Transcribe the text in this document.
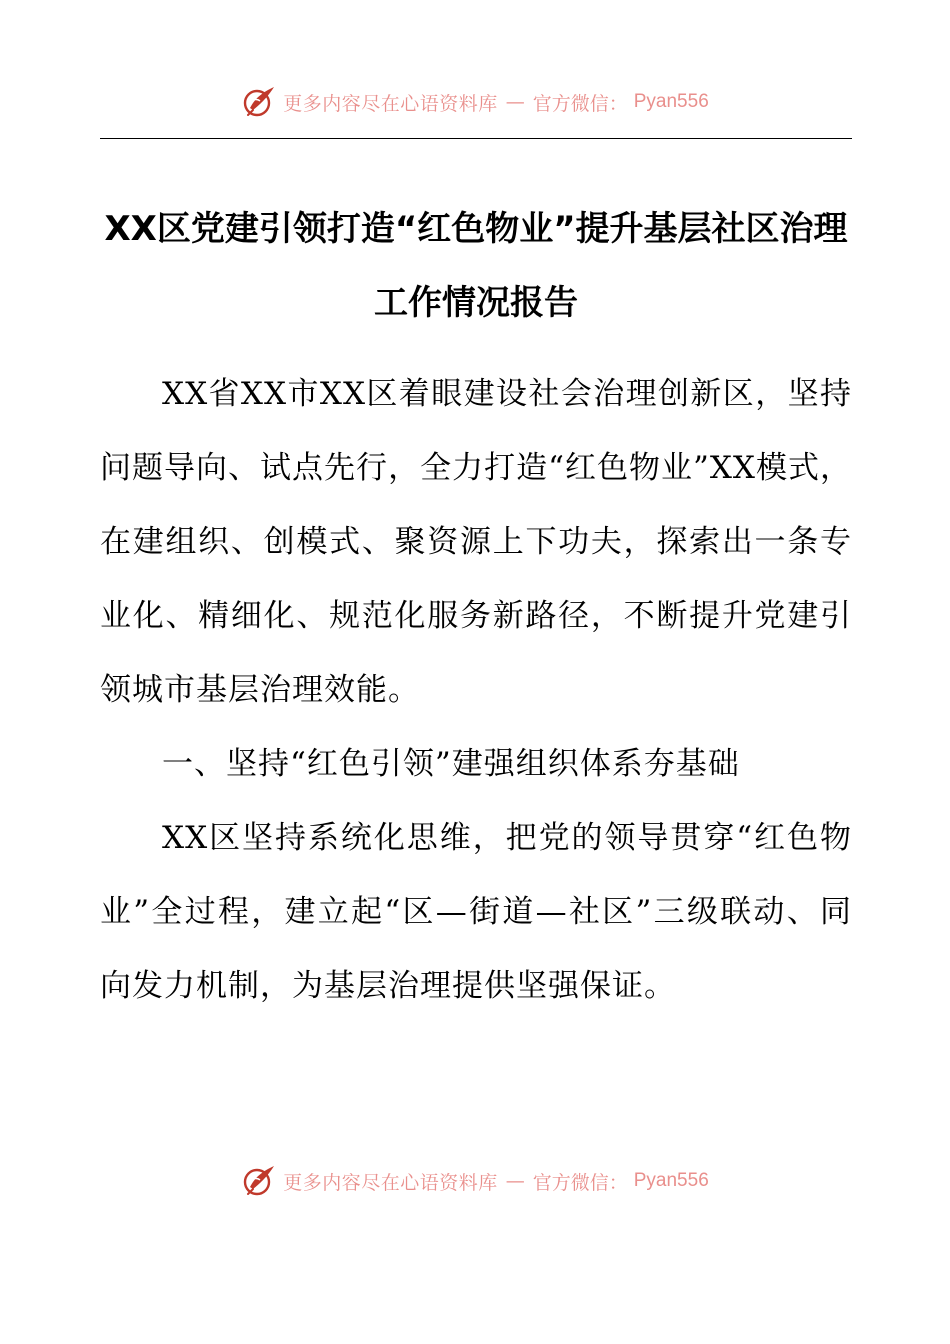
更多内容尽在心语资料库 — 官方微信： Pyan556
XX区党建引领打造“红色物业”提升基层社区治理工作情况报告

XX省XX市XX区着眼建设社会治理创新区，坚持问题导向、试点先行，全力打造“红色物业”XX模式，在建组织、创模式、聚资源上下功夫，探索出一条专业化、精细化、规范化服务新路径，不断提升党建引领城市基层治理效能。

一、坚持“红色引领”建强组织体系夯基础

XX区坚持系统化思维，把党的领导贯穿“红色物业”全过程，建立起“区—街道—社区”三级联动、同向发力机制，为基层治理提供坚强保证。

更多内容尽在心语资料库 — 官方微信： Pyan556
